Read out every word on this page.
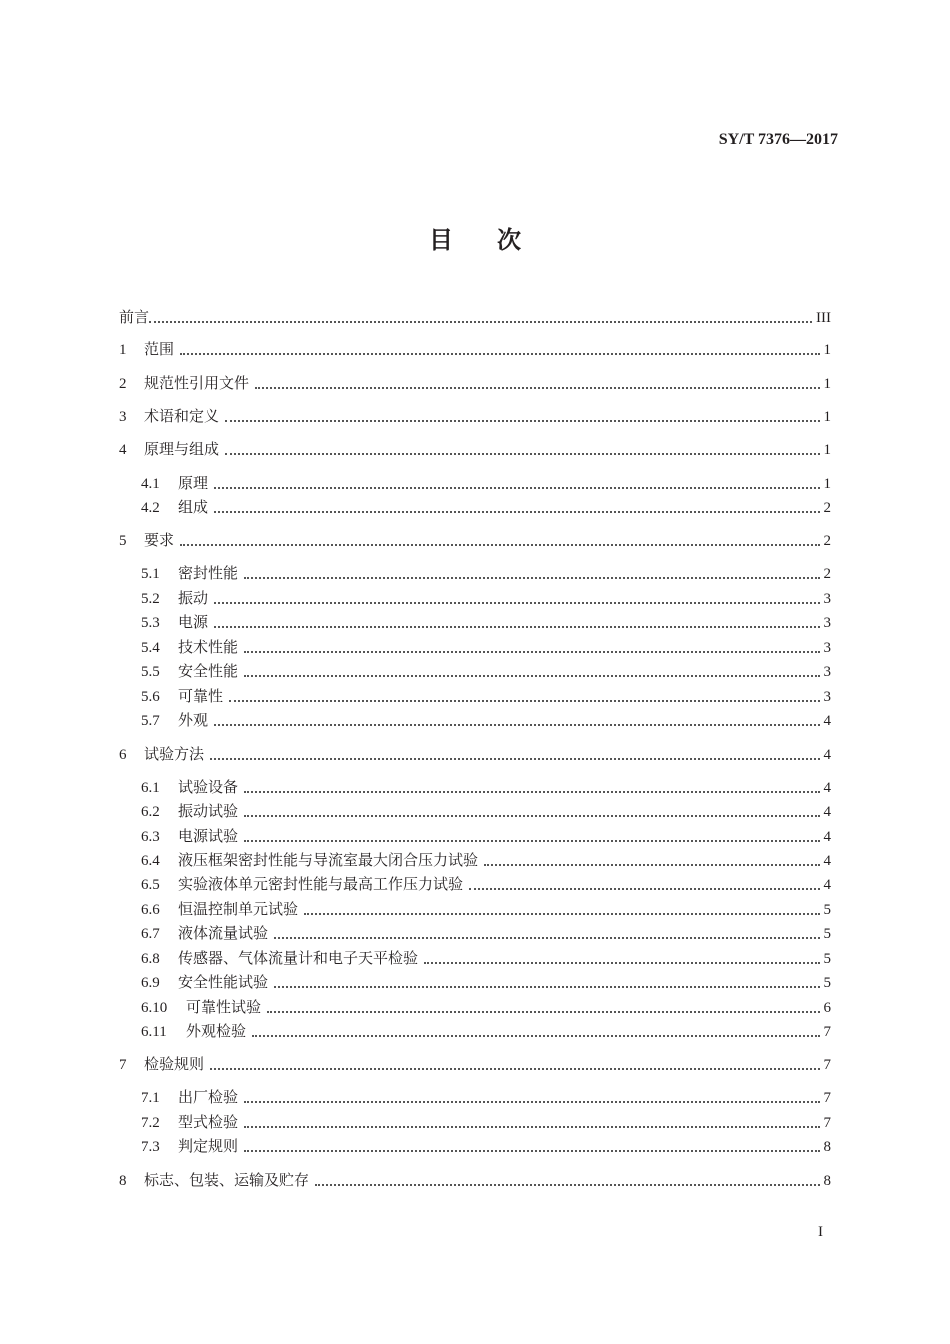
SY/T 7376—2017
目次
前言	III
1	范围	1
2	规范性引用文件	1
3	术语和定义	1
4	原理与组成	1
4.1	原理	1
4.2	组成	2
5	要求	2
5.1	密封性能	2
5.2	振动	3
5.3	电源	3
5.4	技术性能	3
5.5	安全性能	3
5.6	可靠性	3
5.7	外观	4
6	试验方法	4
6.1	试验设备	4
6.2	振动试验	4
6.3	电源试验	4
6.4	液压框架密封性能与导流室最大闭合压力试验	4
6.5	实验液体单元密封性能与最高工作压力试验	4
6.6	恒温控制单元试验	5
6.7	液体流量试验	5
6.8	传感器、气体流量计和电子天平检验	5
6.9	安全性能试验	5
6.10	可靠性试验	6
6.11	外观检验	7
7	检验规则	7
7.1	出厂检验	7
7.2	型式检验	7
7.3	判定规则	8
8	标志、包装、运输及贮存	8
I
